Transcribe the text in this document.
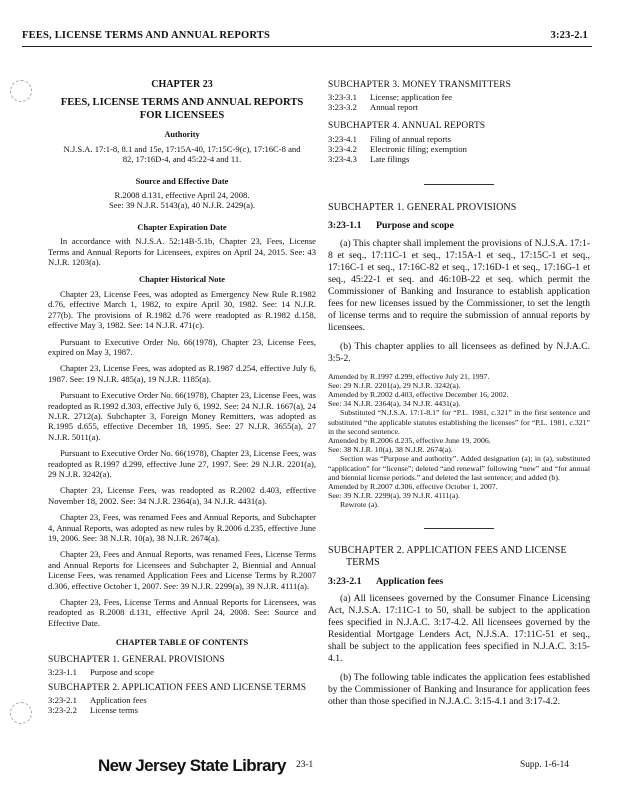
FEES, LICENSE TERMS AND ANNUAL REPORTS	3:23-2.1
CHAPTER 23
FEES, LICENSE TERMS AND ANNUAL REPORTS
FOR LICENSEES
Authority
N.J.S.A. 17:1-8, 8.1 and 15e, 17:15A-40, 17:15C-9(c), 17:16C-8 and 82, 17:16D-4, and 45:22-4 and 11.
Source and Effective Date
R.2008 d.131, effective April 24, 2008.
See: 39 N.J.R. 5143(a), 40 N.J.R. 2429(a).
Chapter Expiration Date
In accordance with N.J.S.A. 52:14B-5.1b, Chapter 23, Fees, License Terms and Annual Reports for Licensees, expires on April 24, 2015. See: 43 N.J.R. 1203(a).
Chapter Historical Note
Chapter 23, License Fees, was adopted as Emergency New Rule R.1982 d.76, effective March 1, 1982, to expire April 30, 1982. See: 14 N.J.R. 277(b). The provisions of R.1982 d.76 were readopted as R.1982 d.158, effective May 3, 1982. See: 14 N.J.R. 471(c).
Pursuant to Executive Order No. 66(1978), Chapter 23, License Fees, expired on May 3, 1987.
Chapter 23, License Fees, was adopted as R.1987 d.254, effective July 6, 1987. See: 19 N.J.R. 485(a), 19 N.J.R. 1185(a).
Pursuant to Executive Order No. 66(1978), Chapter 23, License Fees, was readopted as R.1992 d.303, effective July 6, 1992. See: 24 N.J.R. 1667(a), 24 N.J.R. 2712(a). Subchapter 3, Foreign Money Remitters, was adopted as R.1995 d.655, effective December 18, 1995. See: 27 N.J.R. 3655(a), 27 N.J.R. 5011(a).
Pursuant to Executive Order No. 66(1978), Chapter 23, License Fees, was readopted as R.1997 d.299, effective June 27, 1997. See: 29 N.J.R. 2201(a), 29 N.J.R. 3242(a).
Chapter 23, License Fees, was readopted as R.2002 d.403, effective November 18, 2002. See: 34 N.J.R. 2364(a), 34 N.J.R. 4431(a).
Chapter 23, Fees, was renamed Fees and Annual Reports, and Subchapter 4, Annual Reports, was adopted as new rules by R.2006 d.235, effective June 19, 2006. See: 38 N.J.R. 10(a), 38 N.J.R. 2674(a).
Chapter 23, Fees and Annual Reports, was renamed Fees, License Terms and Annual Reports for Licensees and Subchapter 2, Biennial and Annual License Fees, was renamed Application Fees and License Terms by R.2007 d.306, effective October 1, 2007. See: 39 N.J.R. 2299(a), 39 N.J.R. 4111(a).
Chapter 23, Fees, License Terms and Annual Reports for Licensees, was readopted as R.2008 d.131, effective April 24, 2008. See: Source and Effective Date.
CHAPTER TABLE OF CONTENTS
SUBCHAPTER 1. GENERAL PROVISIONS
3:23-1.1	Purpose and scope
SUBCHAPTER 2. APPLICATION FEES AND LICENSE TERMS
3:23-2.1	Application fees
3:23-2.2	License terms
SUBCHAPTER 3. MONEY TRANSMITTERS
3:23-3.1	License; application fee
3:23-3.2	Annual report
SUBCHAPTER 4. ANNUAL REPORTS
3:23-4.1	Filing of annual reports
3:23-4.2	Electronic filing; exemption
3:23-4.3	Late filings
SUBCHAPTER 1. GENERAL PROVISIONS
3:23-1.1 Purpose and scope
(a) This chapter shall implement the provisions of N.J.S.A. 17:1-8 et seq., 17:11C-1 et seq., 17:15A-1 et seq., 17:15C-1 et seq., 17:16C-1 et seq., 17:16C-82 et seq., 17:16D-1 et seq., 17:16G-1 et seq., 45:22-1 et seq. and 46:10B-22 et seq. which permit the Commissioner of Banking and Insurance to establish application fees for new licenses issued by the Commissioner, to set the length of license terms and to require the submission of annual reports by licensees.
(b) This chapter applies to all licensees as defined by N.J.A.C. 3:5-2.
Amended by R.1997 d.299, effective July 21, 1997.
See: 29 N.J.R. 2201(a), 29 N.J.R. 3242(a).
Amended by R.2002 d.403, effective December 16, 2002.
See: 34 N.J.R. 2364(a), 34 N.J.R. 4431(a).
Substituted “N.J.S.A. 17:1-8.1” for “P.L. 1981, c.321” in the first sentence and substituted “the applicable statutes establishing the licenses” for “P.L. 1981, c.321” in the second sentence.
Amended by R.2006 d.235, effective June 19, 2006.
See: 38 N.J.R. 10(a), 38 N.J.R. 2674(a).
Section was “Purpose and authority”. Added designation (a); in (a), substituted “application” for “license”; deleted “and renewal” following “new” and “for annual and biennial license periods.” and deleted the last sentence; and added (b).
Amended by R.2007 d.306, effective October 1, 2007.
See: 39 N.J.R. 2299(a), 39 N.J.R. 4111(a).
Rewrote (a).
SUBCHAPTER 2. APPLICATION FEES AND LICENSE TERMS
3:23-2.1 Application fees
(a) All licensees governed by the Consumer Finance Licensing Act, N.J.S.A. 17:11C-1 to 50, shall be subject to the application fees specified in N.J.A.C. 3:17-4.2. All licensees governed by the Residential Mortgage Lenders Act, N.J.S.A. 17:11C-51 et seq., shall be subject to the application fees specified in N.J.A.C. 3:15-4.1.
(b) The following table indicates the application fees established by the Commissioner of Banking and Insurance for application fees other than those specified in N.J.A.C. 3:15-4.1 and 3:17-4.2.
New Jersey State Library 23-1	Supp. 1-6-14
